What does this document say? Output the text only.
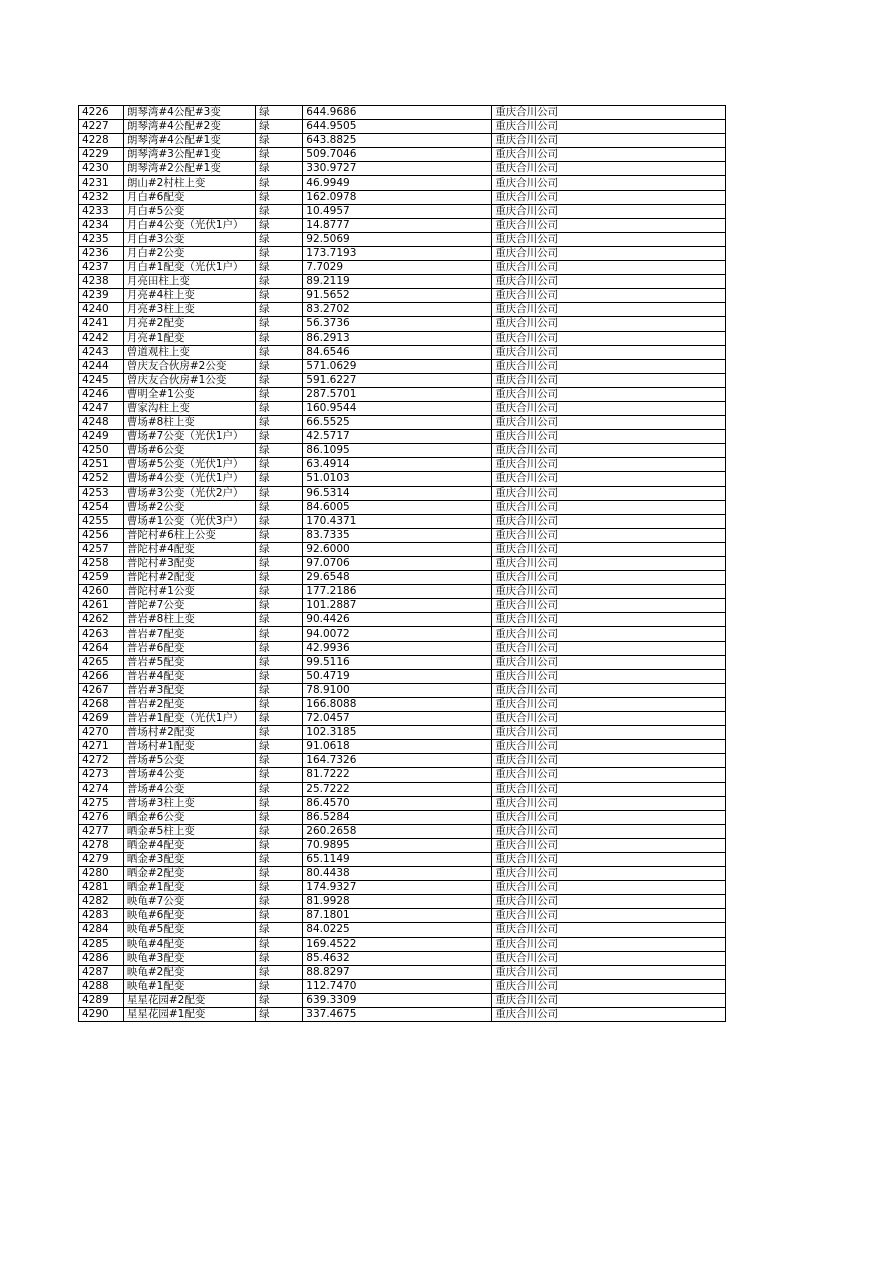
4226	朗琴湾#4公配#3变	绿	644.9686	重庆合川公司
4227	朗琴湾#4公配#2变	绿	644.9505	重庆合川公司
4228	朗琴湾#4公配#1变	绿	643.8825	重庆合川公司
4229	朗琴湾#3公配#1变	绿	509.7046	重庆合川公司
4230	朗琴湾#2公配#1变	绿	330.9727	重庆合川公司
4231	朗山#2村柱上变	绿	46.9949	重庆合川公司
4232	月白#6配变	绿	162.0978	重庆合川公司
4233	月白#5公变	绿	10.4957	重庆合川公司
4234	月白#4公变（光伏1户）	绿	14.8777	重庆合川公司
4235	月白#3公变	绿	92.5069	重庆合川公司
4236	月白#2公变	绿	173.7193	重庆合川公司
4237	月白#1配变（光伏1户）	绿	7.7029	重庆合川公司
4238	月亮田柱上变	绿	89.2119	重庆合川公司
4239	月亮#4柱上变	绿	91.5652	重庆合川公司
4240	月亮#3柱上变	绿	83.2702	重庆合川公司
4241	月亮#2配变	绿	56.3736	重庆合川公司
4242	月亮#1配变	绿	86.2913	重庆合川公司
4243	曾道观柱上变	绿	84.6546	重庆合川公司
4244	曾庆友合伙房#2公变	绿	571.0629	重庆合川公司
4245	曾庆友合伙房#1公变	绿	591.6227	重庆合川公司
4246	曹明全#1公变	绿	287.5701	重庆合川公司
4247	曹家沟柱上变	绿	160.9544	重庆合川公司
4248	曹场#8柱上变	绿	66.5525	重庆合川公司
4249	曹场#7公变（光伏1户）	绿	42.5717	重庆合川公司
4250	曹场#6公变	绿	86.1095	重庆合川公司
4251	曹场#5公变（光伏1户）	绿	63.4914	重庆合川公司
4252	曹场#4公变（光伏1户）	绿	51.0103	重庆合川公司
4253	曹场#3公变（光伏2户）	绿	96.5314	重庆合川公司
4254	曹场#2公变	绿	84.6005	重庆合川公司
4255	曹场#1公变（光伏3户）	绿	170.4371	重庆合川公司
4256	普陀村#6柱上公变	绿	83.7335	重庆合川公司
4257	普陀村#4配变	绿	92.6000	重庆合川公司
4258	普陀村#3配变	绿	97.0706	重庆合川公司
4259	普陀村#2配变	绿	29.6548	重庆合川公司
4260	普陀村#1公变	绿	177.2186	重庆合川公司
4261	普陀#7公变	绿	101.2887	重庆合川公司
4262	普岩#8柱上变	绿	90.4426	重庆合川公司
4263	普岩#7配变	绿	94.0072	重庆合川公司
4264	普岩#6配变	绿	42.9936	重庆合川公司
4265	普岩#5配变	绿	99.5116	重庆合川公司
4266	普岩#4配变	绿	50.4719	重庆合川公司
4267	普岩#3配变	绿	78.9100	重庆合川公司
4268	普岩#2配变	绿	166.8088	重庆合川公司
4269	普岩#1配变（光伏1户）	绿	72.0457	重庆合川公司
4270	普场村#2配变	绿	102.3185	重庆合川公司
4271	普场村#1配变	绿	91.0618	重庆合川公司
4272	普场#5公变	绿	164.7326	重庆合川公司
4273	普场#4公变	绿	81.7222	重庆合川公司
4274	普场#4公变	绿	25.7222	重庆合川公司
4275	普场#3柱上变	绿	86.4570	重庆合川公司
4276	晒金#6公变	绿	86.5284	重庆合川公司
4277	晒金#5柱上变	绿	260.2658	重庆合川公司
4278	晒金#4配变	绿	70.9895	重庆合川公司
4279	晒金#3配变	绿	65.1149	重庆合川公司
4280	晒金#2配变	绿	80.4438	重庆合川公司
4281	晒金#1配变	绿	174.9327	重庆合川公司
4282	映龟#7公变	绿	81.9928	重庆合川公司
4283	映龟#6配变	绿	87.1801	重庆合川公司
4284	映龟#5配变	绿	84.0225	重庆合川公司
4285	映龟#4配变	绿	169.4522	重庆合川公司
4286	映龟#3配变	绿	85.4632	重庆合川公司
4287	映龟#2配变	绿	88.8297	重庆合川公司
4288	映龟#1配变	绿	112.7470	重庆合川公司
4289	星星花园#2配变	绿	639.3309	重庆合川公司
4290	星星花园#1配变	绿	337.4675	重庆合川公司
